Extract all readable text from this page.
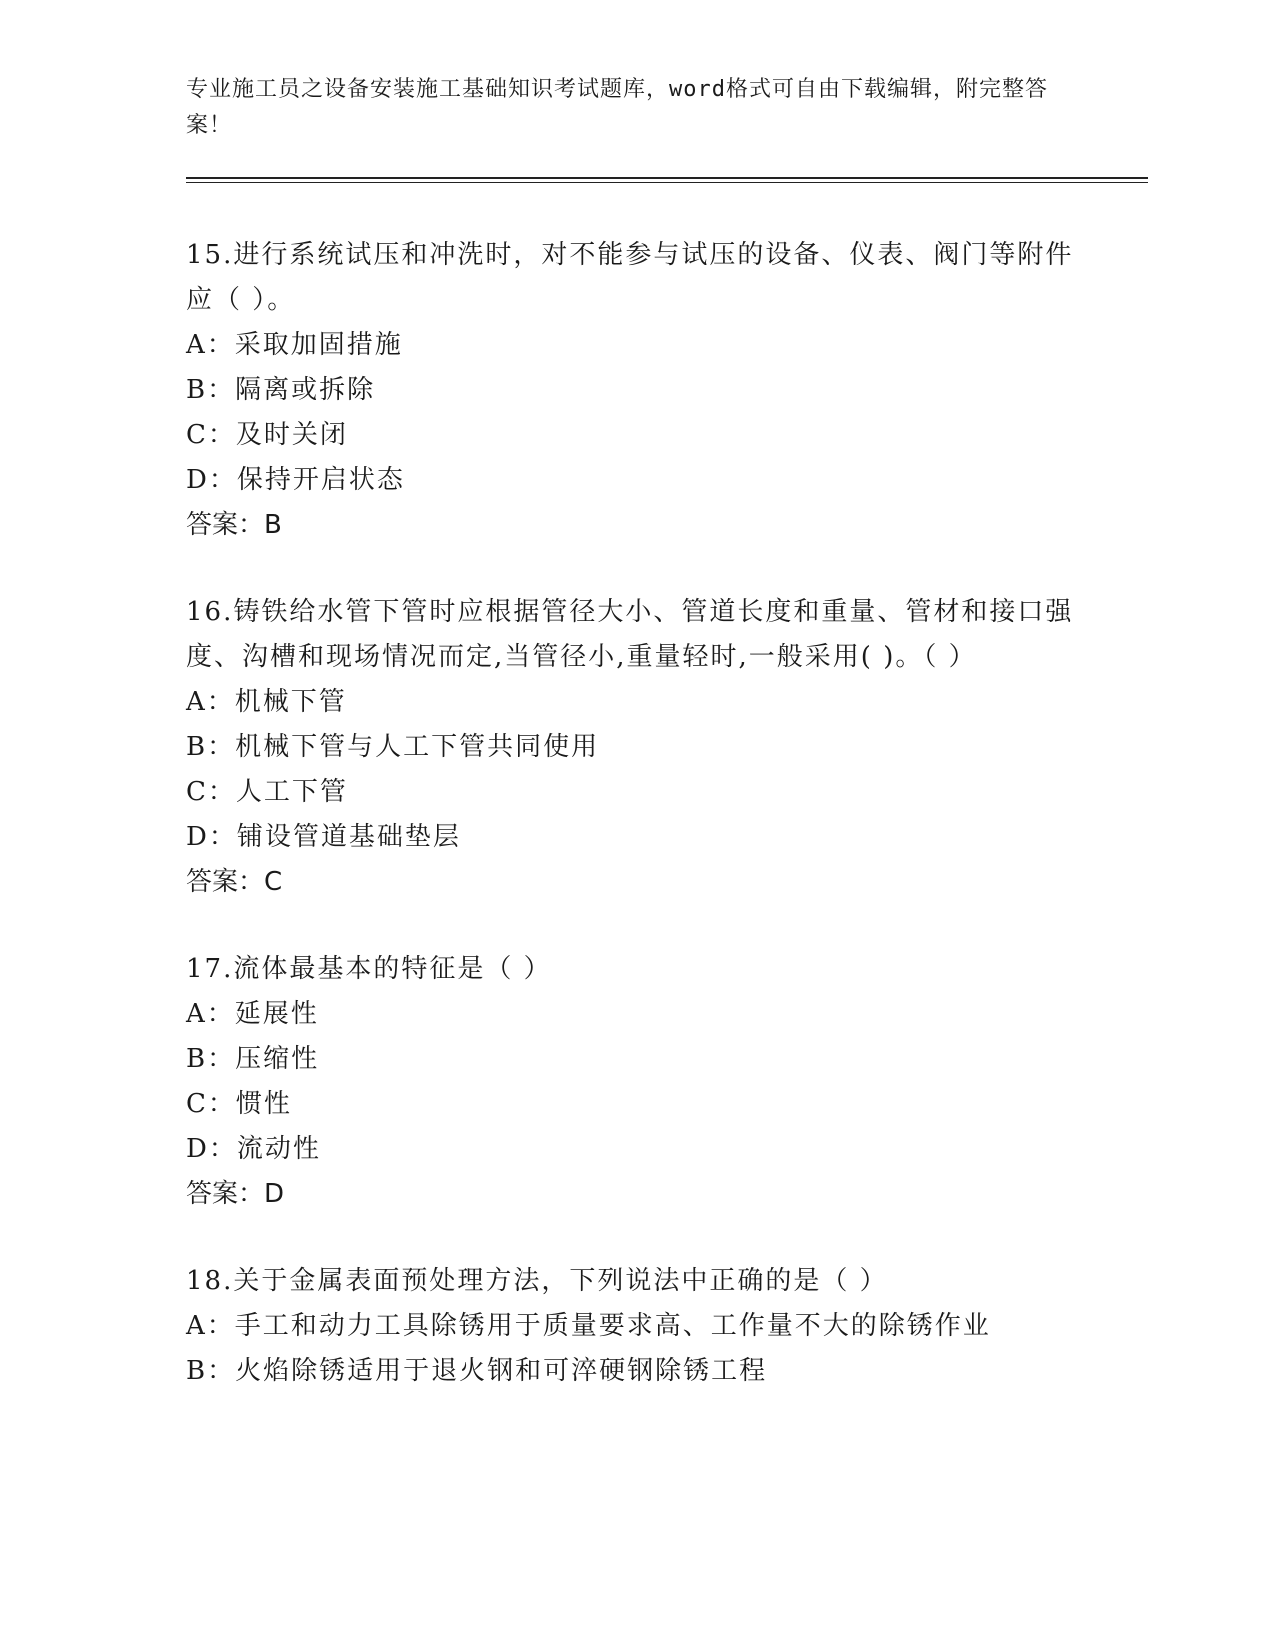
专业施工员之设备安装施工基础知识考试题库，word格式可自由下载编辑，附完整答案！

15.进行系统试压和冲洗时，对不能参与试压的设备、仪表、阀门等附件应（ ）。

A：采取加固措施

B：隔离或拆除

C：及时关闭

D：保持开启状态

答案：B

16.铸铁给水管下管时应根据管径大小、管道长度和重量、管材和接口强度、沟槽和现场情况而定,当管径小,重量轻时,一般采用( )。（ ）

A：机械下管

B：机械下管与人工下管共同使用

C：人工下管

D：铺设管道基础垫层

答案：C

17.流体最基本的特征是（ ）

A：延展性

B：压缩性

C：惯性

D：流动性

答案：D

18.关于金属表面预处理方法，下列说法中正确的是（ ）

A：手工和动力工具除锈用于质量要求高、工作量不大的除锈作业

B：火焰除锈适用于退火钢和可淬硬钢除锈工程
